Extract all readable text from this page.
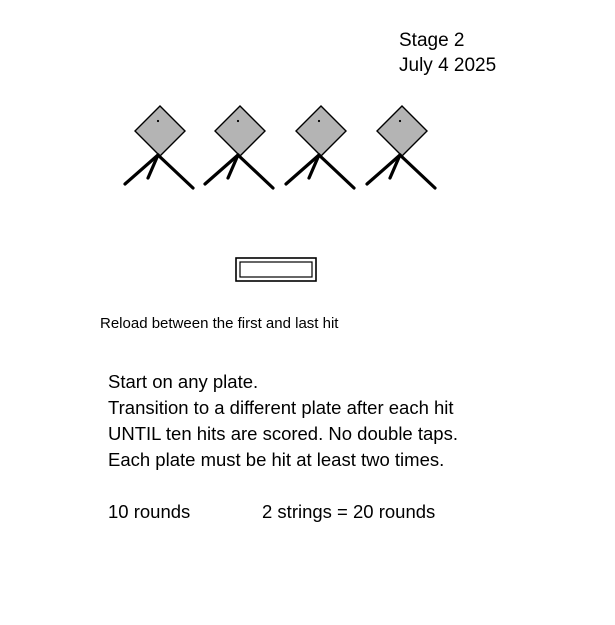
Stage 2
July 4 2025
Reload between the first and last hit
Start on any plate.
Transition to a different plate after each hit
UNTIL ten hits are scored. No double taps.
Each plate must be hit at least two times.
10 rounds	2 strings = 20 rounds
